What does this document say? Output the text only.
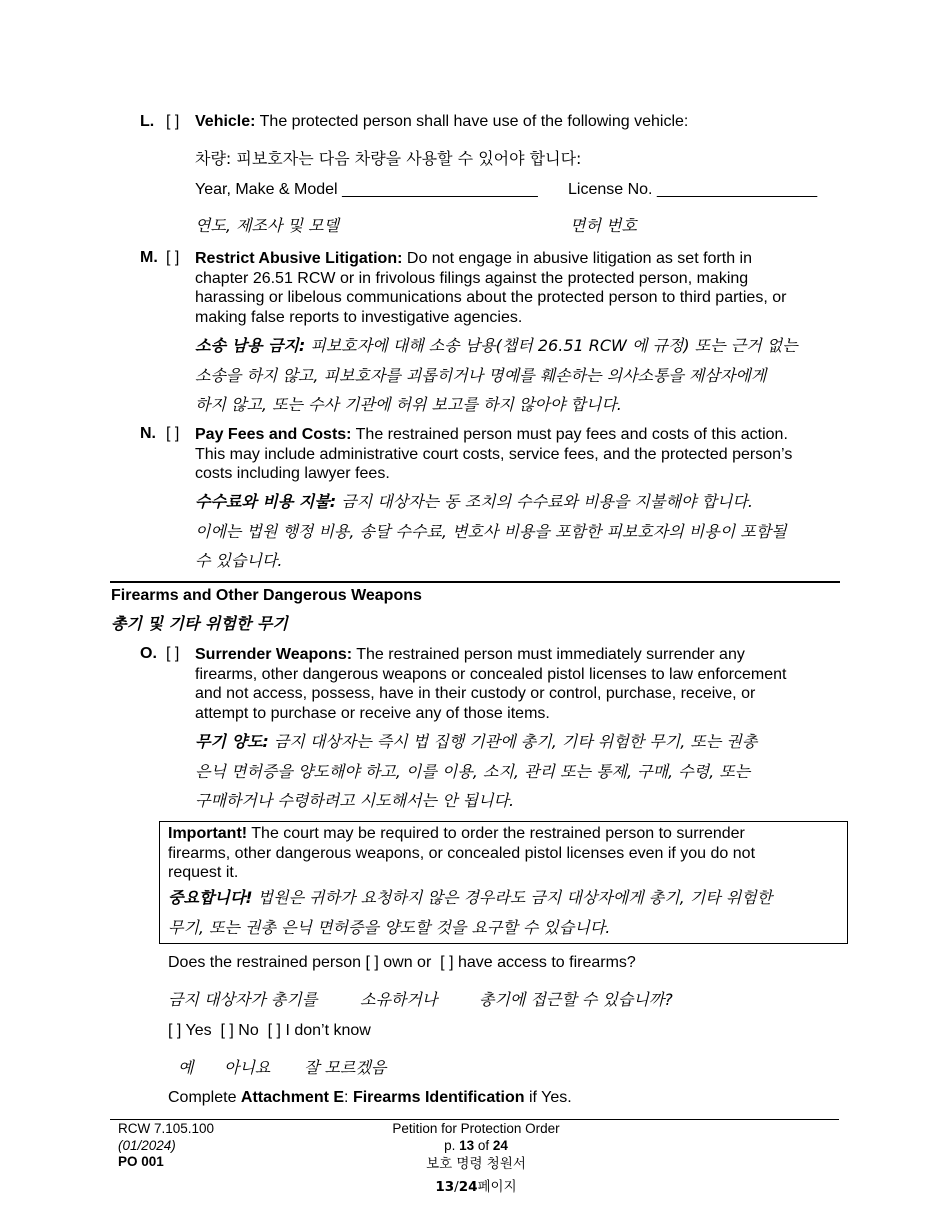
L. [ ] Vehicle: The protected person shall have use of the following vehicle:
차량: 피보호자는 다음 차량을 사용할 수 있어야 합니다:
Year, Make & Model ______________________ License No. __________________
연도, 제조사 및 모델	면허 번호
M. [ ] Restrict Abusive Litigation: Do not engage in abusive litigation as set forth in
chapter 26.51 RCW or in frivolous filings against the protected person, making
harassing or libelous communications about the protected person to third parties, or
making false reports to investigative agencies.
소송 남용 금지: 피보호자에 대해 소송 남용(챕터 26.51 RCW 에 규정) 또는 근거 없는
소송을 하지 않고, 피보호자를 괴롭히거나 명예를 훼손하는 의사소통을 제삼자에게
하지 않고, 또는 수사 기관에 허위 보고를 하지 않아야 합니다.
N. [ ] Pay Fees and Costs: The restrained person must pay fees and costs of this action.
This may include administrative court costs, service fees, and the protected person’s
costs including lawyer fees.
수수료와 비용 지불: 금지 대상자는 동 조치의 수수료와 비용을 지불해야 합니다.
이에는 법원 행정 비용, 송달 수수료, 변호사 비용을 포함한 피보호자의 비용이 포함될
수 있습니다.
Firearms and Other Dangerous Weapons
총기 및 기타 위험한 무기
O. [ ] Surrender Weapons: The restrained person must immediately surrender any
firearms, other dangerous weapons or concealed pistol licenses to law enforcement
and not access, possess, have in their custody or control, purchase, receive, or
attempt to purchase or receive any of those items.
무기 양도: 금지 대상자는 즉시 법 집행 기관에 총기, 기타 위험한 무기, 또는 권총
은닉 면허증을 양도해야 하고, 이를 이용, 소지, 관리 또는 통제, 구매, 수령, 또는
구매하거나 수령하려고 시도해서는 안 됩니다.
Important! The court may be required to order the restrained person to surrender
firearms, other dangerous weapons, or concealed pistol licenses even if you do not
request it.
중요합니다! 법원은 귀하가 요청하지 않은 경우라도 금지 대상자에게 총기, 기타 위험한
무기, 또는 권총 은닉 면허증을 양도할 것을 요구할 수 있습니다.
Does the restrained person [ ] own or [ ] have access to firearms?
금지 대상자가 총기를	소유하거나	총기에 접근할 수 있습니까?
[ ] Yes [ ] No [ ] I don’t know
예 아니요 잘 모르겠음
Complete Attachment E: Firearms Identification if Yes.
RCW 7.105.100
(01/2024)
PO 001
Petition for Protection Order
p. 13 of 24
보호 명령 청원서
13/24페이지
